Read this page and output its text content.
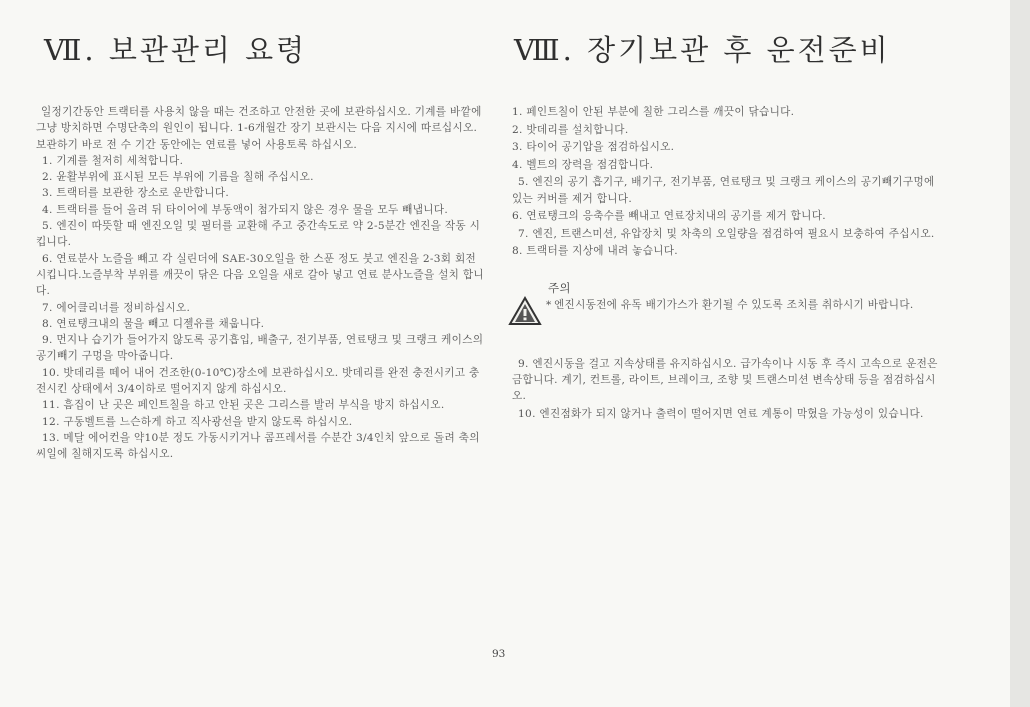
Ⅶ. 보관관리 요령

일정기간동안 트랙터를 사용치 않을 때는 건조하고 안전한 곳에 보관하십시오. 기계를 바깥에 그냥 방치하면 수명단축의 원인이 됩니다. 1-6개월간 장기 보관시는 다음 지시에 따르십시오. 보관하기 바로 전 수 기간 동안에는 연료를 넣어 사용토록 하십시오.

1. 기계를 철저히 세척합니다.

2. 윤활부위에 표시된 모든 부위에 기름을 칠해 주십시오.

3. 트랙터를 보관한 장소로 운반합니다.

4. 트랙터를 들어 올려 뒤 타이어에 부동액이 첨가되지 않은 경우 물을 모두 빼냅니다.

5. 엔진이 따뜻할 때 엔진오일 및 필터를 교환해 주고 중간속도로 약 2-5분간 엔진을 작동 시킵니다.

6. 연료분사 노즐을 빼고 각 실린더에 SAE-30오일을 한 스푼 정도 붓고 엔진을 2-3회 회전 시킵니다.노즐부착 부위를 깨끗이 닦은 다음 오일을 새로 갈아 넣고 연료 분사노즐을 설치 합니다.

7. 에어클리너를 정비하십시오.

8. 연료탱크내의 물을 빼고 디젤유를 채웁니다.

9. 먼지나 습기가 들어가지 않도록 공기흡입, 배출구, 전기부품, 연료탱크 및 크랭크 케이스의 공기빼기 구멍을 막아줍니다.

10. 밧데리를 떼어 내어 건조한(0-10℃)장소에 보관하십시오. 밧데리를 완전 충전시키고 충전시킨 상태에서 3/4이하로 떨어지지 않게 하십시오.

11. 흠집이 난 곳은 페인트칠을 하고 안된 곳은 그리스를 발러 부식을 방지 하십시오.

12. 구동벨트를 느슨하게 하고 직사광선을 받지 않도록 하십시오.

13. 메달 에어컨을 약10분 정도 가동시키거나 콤프레서를 수분간 3/4인치 앞으로 돌려 축의 씨일에 칠해지도록 하십시오.

Ⅷ. 장기보관 후 운전준비

1. 페인트칠이 안된 부분에 칠한 그리스를 깨끗이 닦습니다.

2. 밧데리를 설치합니다.

3. 타이어 공기압을 점검하십시오.

4. 벨트의 장력을 점검합니다.

5. 엔진의 공기 흡기구, 배기구, 전기부품, 연료탱크 및 크랭크 케이스의 공기빼기구멍에 있는 커버를 제거 합니다.

6. 연료탱크의 응축수를 빼내고 연료장치내의 공기를 제거 합니다.

7. 엔진, 트랜스미션, 유압장치 및 차축의 오일량을 점검하여 필요시 보충하여 주십시오.

8. 트랙터를 지상에 내려 놓습니다.

주의
* 엔진시동전에 유독 배기가스가 환기될 수 있도록 조치를 취하시기 바랍니다.

9. 엔진시동을 걸고 지속상태를 유지하십시오. 급가속이나 시동 후 즉시 고속으로 운전은 금합니다. 계기, 컨트롤, 라이트, 브레이크, 조향 및 트랜스미션 변속상태 등을 점검하십시오.

10. 엔진점화가 되지 않거나 출력이 떨어지면 연료 계통이 막혔을 가능성이 있습니다.

93
